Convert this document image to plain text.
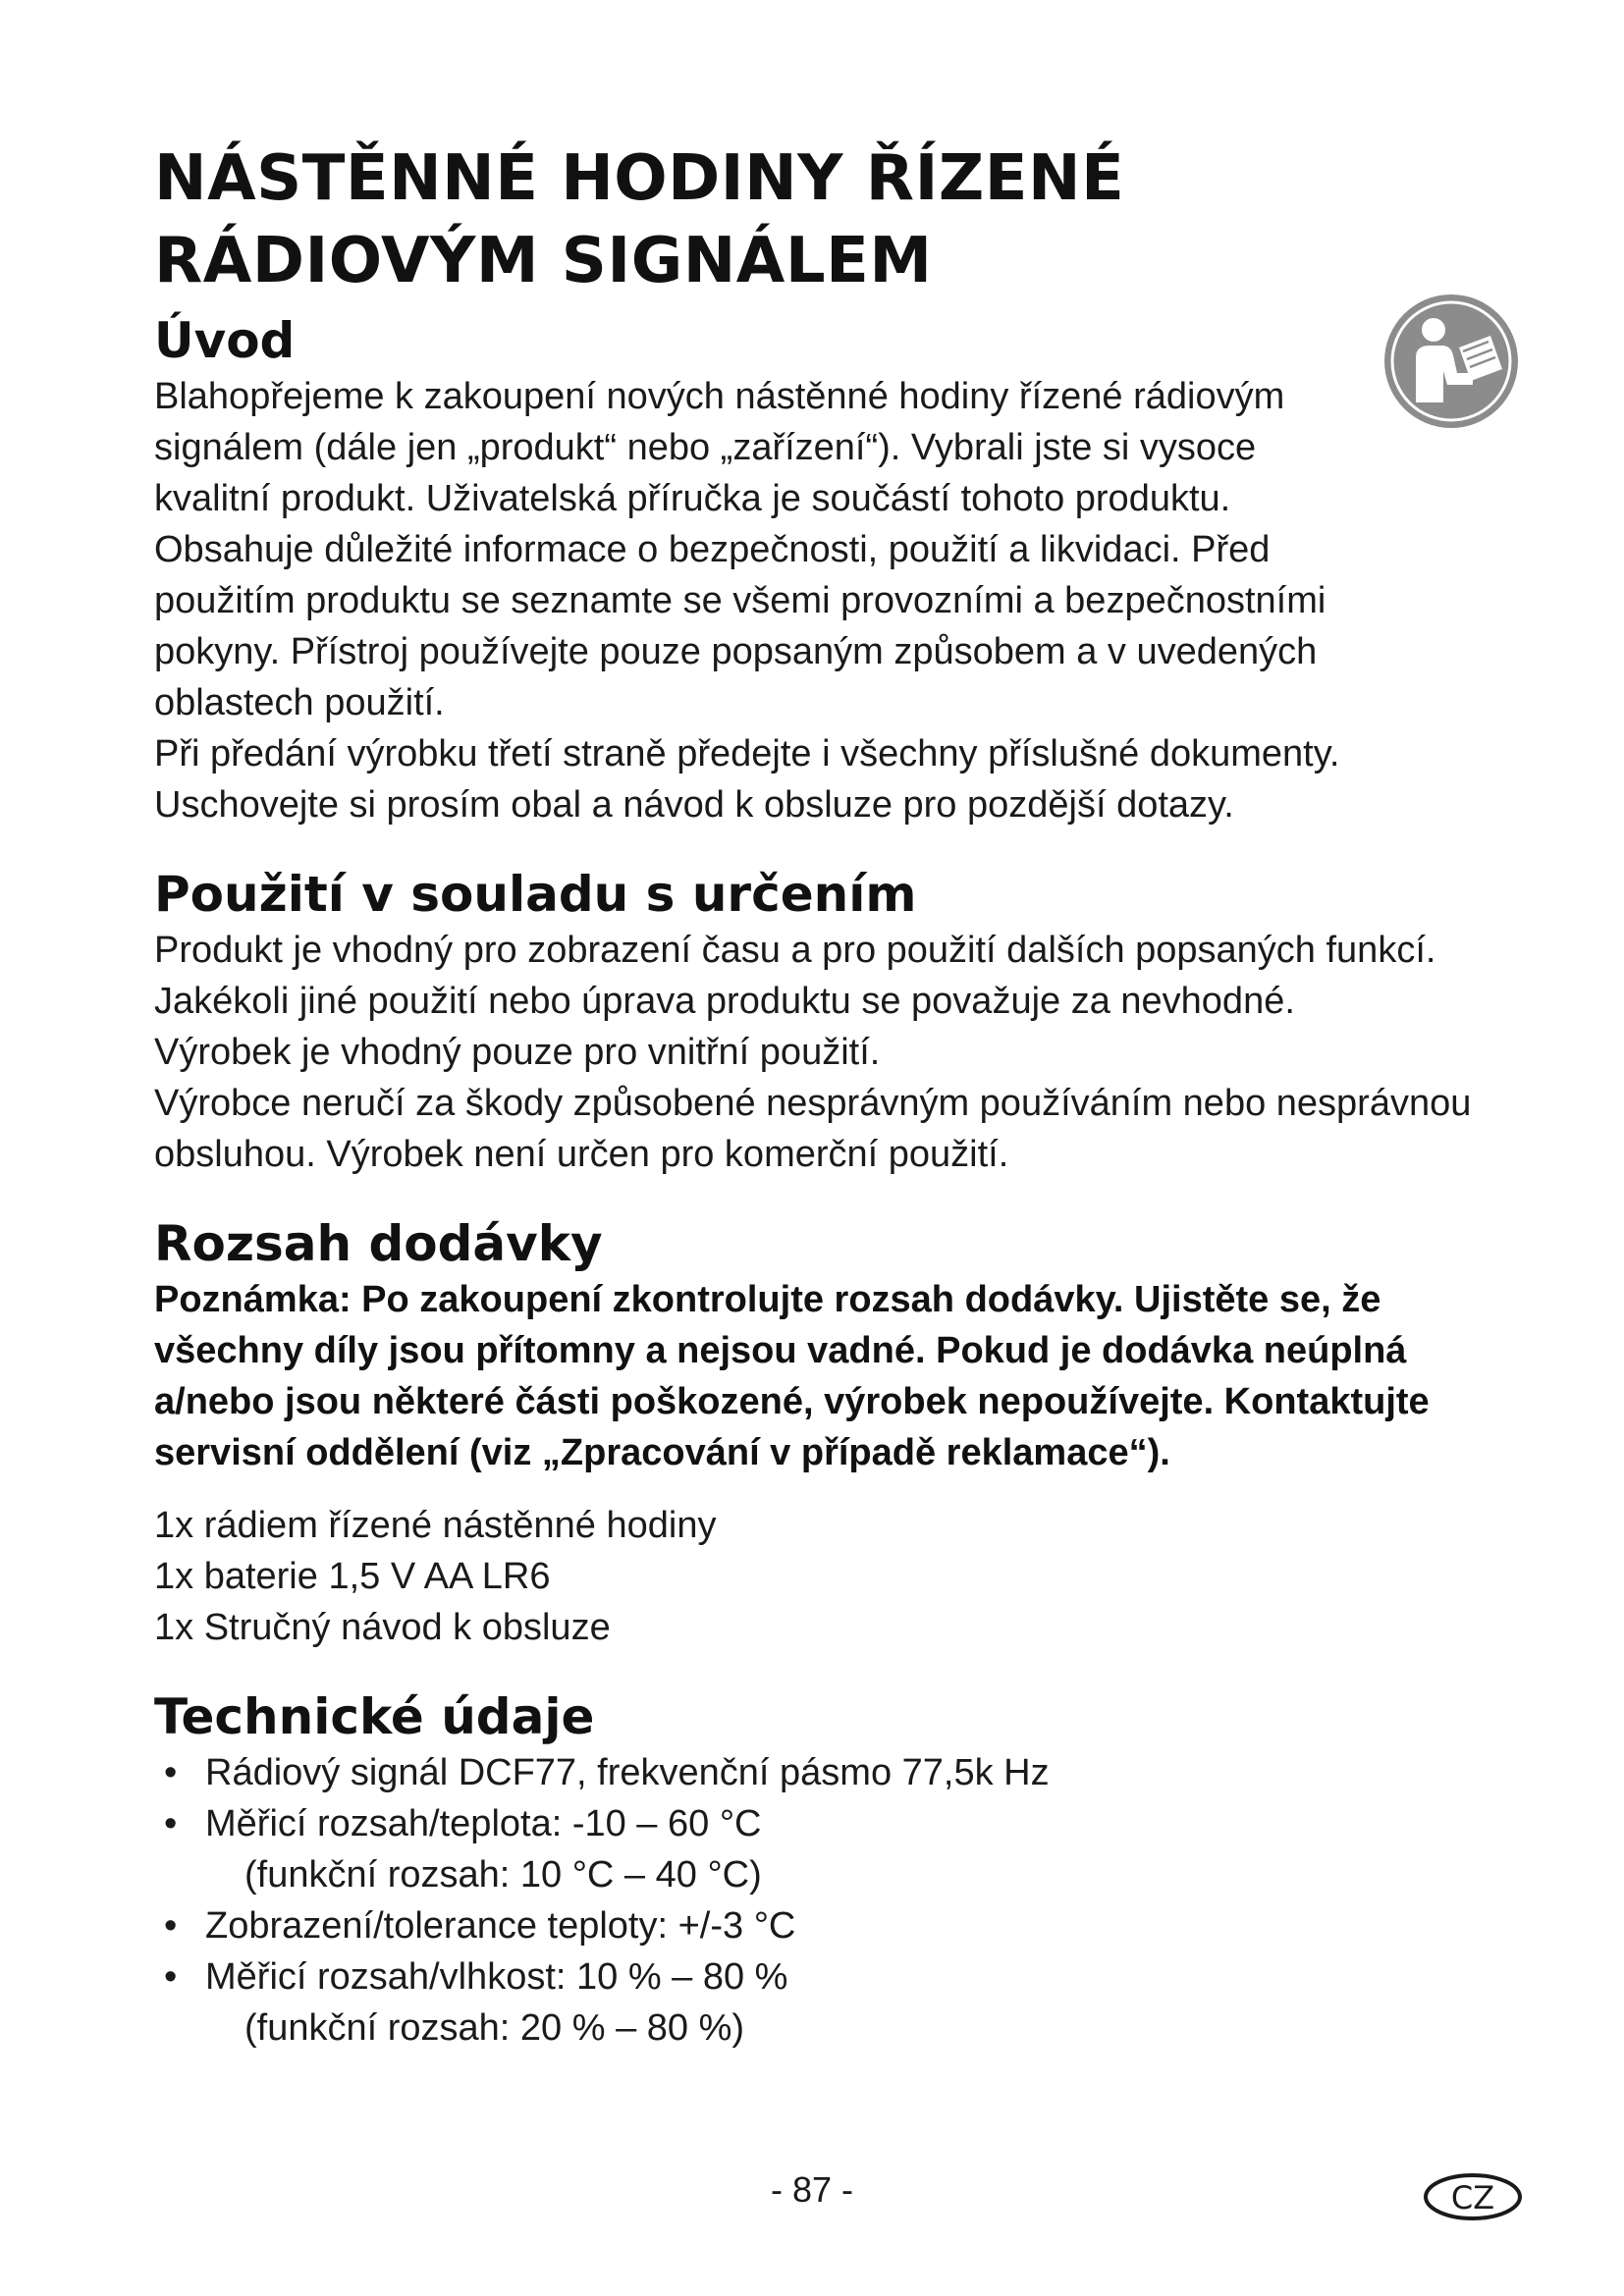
NÁSTĚNNÉ HODINY ŘÍZENÉ RÁDIOVÝM SIGNÁLEM
Úvod

Blahopřejeme k zakoupení nových nástěnné hodiny řízené rádiovým signálem (dále jen „produkt“ nebo „zařízení“). Vybrali jste si vysoce kvalitní produkt. Uživatelská příručka je součástí tohoto produktu. Obsahuje důležité informace o bezpečnosti, použití a likvidaci. Před použitím produktu se seznamte se všemi provozními a bezpečnostními pokyny. Přístroj používejte pouze popsaným způsobem a v uvedených oblastech použití.

Při předání výrobku třetí straně předejte i všechny příslušné dokumenty.

Uschovejte si prosím obal a návod k obsluze pro pozdější dotazy.

Použití v souladu s určením

Produkt je vhodný pro zobrazení času a pro použití dalších popsaných funkcí. Jakékoli jiné použití nebo úprava produktu se považuje za nevhodné.

Výrobek je vhodný pouze pro vnitřní použití.

Výrobce neručí za škody způsobené nesprávným používáním nebo nesprávnou obsluhou. Výrobek není určen pro komerční použití.

Rozsah dodávky

Poznámka: Po zakoupení zkontrolujte rozsah dodávky. Ujistěte se, že všechny díly jsou přítomny a nejsou vadné. Pokud je dodávka neúplná a/nebo jsou některé části poškozené, výrobek nepoužívejte. Kontaktujte servisní oddělení (viz „Zpracování v případě reklamace“).

1x rádiem řízené nástěnné hodiny

1x baterie 1,5 V AA LR6

1x Stručný návod k obsluze

Technické údaje
• Rádiový signál DCF77, frekvenční pásmo 77,5k Hz
• Měřicí rozsah/teplota: -10 – 60 °C
(funkční rozsah: 10 °C – 40 °C)
• Zobrazení/tolerance teploty: +/-3 °C
• Měřicí rozsah/vlhkost: 10 % – 80 %
(funkční rozsah: 20 % – 80 %)
- 87 -	CZ
